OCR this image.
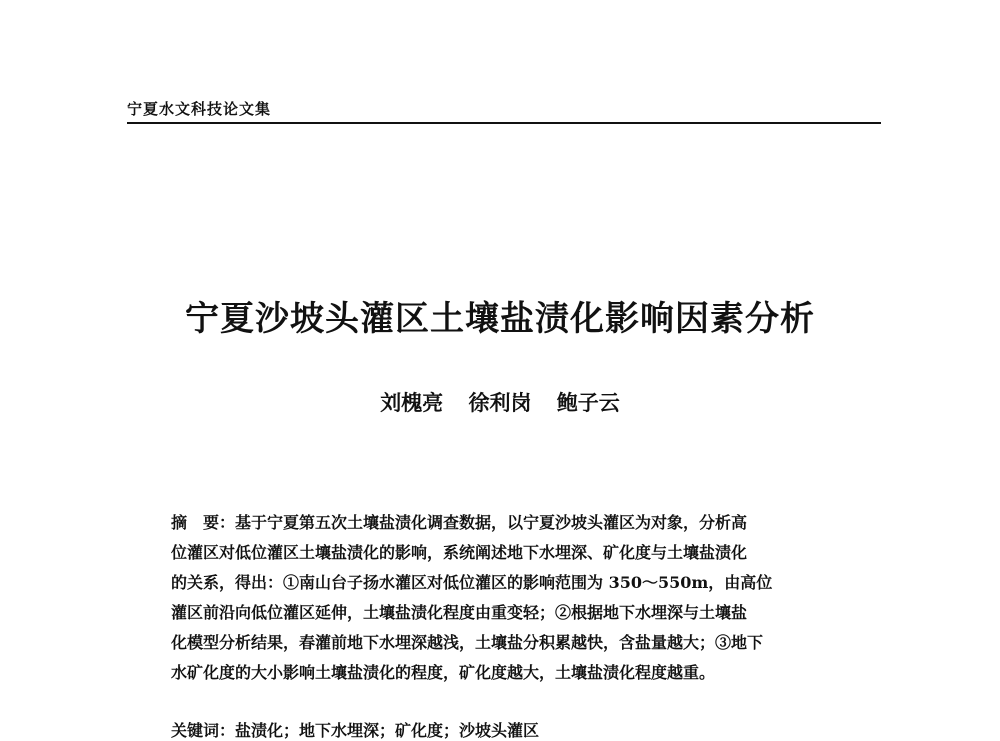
宁夏水文科技论文集
宁夏沙坡头灌区土壤盐渍化影响因素分析
刘槐亮 徐利岗 鲍子云
摘　要：基于宁夏第五次土壤盐渍化调查数据，以宁夏沙坡头灌区为对象，分析高
位灌区对低位灌区土壤盐渍化的影响，系统阐述地下水埋深、矿化度与土壤盐渍化
的关系，得出：①南山台子扬水灌区对低位灌区的影响范围为 350～550m，由高位
灌区前沿向低位灌区延伸，土壤盐渍化程度由重变轻；②根据地下水埋深与土壤盐
化模型分析结果，春灌前地下水埋深越浅，土壤盐分积累越快，含盐量越大；③地下
水矿化度的大小影响土壤盐渍化的程度，矿化度越大，土壤盐渍化程度越重。
关键词：盐渍化；地下水埋深；矿化度；沙坡头灌区
